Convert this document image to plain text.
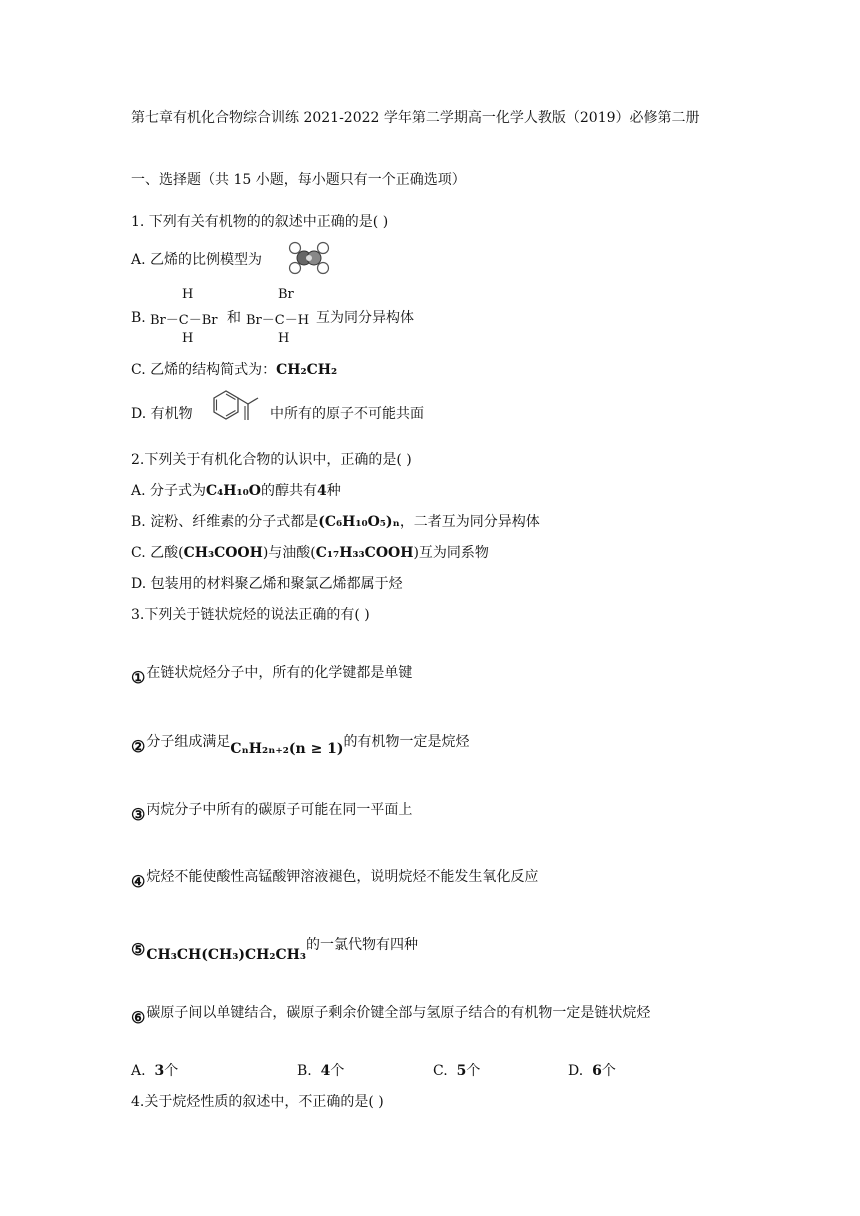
第七章有机化合物综合训练 2021-2022 学年第二学期高一化学人教版（2019）必修第二册
一、选择题（共 15 小题，每小题只有一个正确选项）
1. 下列有关有机物的的叙述中正确的是( )
A. 乙烯的比例模型为
B.
H
Br－C－Br
H
和
Br
Br－C－H
H
互为同分异构体
C. 乙烯的结构简式为：CH₂CH₂
D. 有机物	中所有的原子不可能共面
2.下列关于有机化合物的认识中，正确的是( )
A. 分子式为C₄H₁₀O的醇共有4种
B. 淀粉、纤维素的分子式都是(C₆H₁₀O₅)ₙ，二者互为同分异构体
C. 乙酸(CH₃COOH)与油酸(C₁₇H₃₃COOH)互为同系物
D. 包装用的材料聚乙烯和聚氯乙烯都属于烃
3.下列关于链状烷烃的说法正确的有( )
①在链状烷烃分子中，所有的化学键都是单键
②分子组成满足CₙH₂ₙ₊₂(n ≥ 1)的有机物一定是烷烃
③丙烷分子中所有的碳原子可能在同一平面上
④烷烃不能使酸性高锰酸钾溶液褪色，说明烷烃不能发生氧化反应
⑤CH₃CH(CH₃)CH₂CH₃的一氯代物有四种
⑥碳原子间以单键结合，碳原子剩余价键全部与氢原子结合的有机物一定是链状烷烃
A. 3个	B. 4个	C. 5个	D. 6个
4.关于烷烃性质的叙述中，不正确的是( )
